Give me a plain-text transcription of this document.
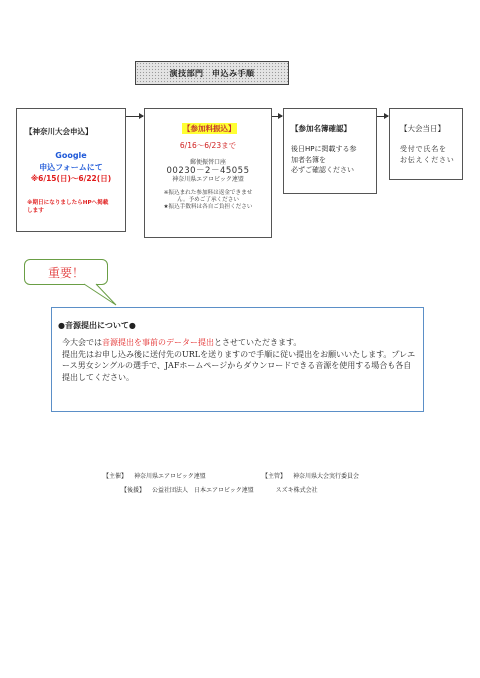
演技部門　申込み手順
【神奈川大会申込】
Google
申込フォームにて
※6/15(日)～6/22(日)
※期日になりましたらHPへ掲載
します
【参加料振込】
6/16～6/23まで
郵便振替口座
00230－2－45055
神奈川県エアロビック連盟
※振込まれた参加料は返金できませ
ん。予めご了承ください
★振込手数料は各自ご負担ください
【参加名簿確認】
後日HPに掲載する参
加者名簿を
必ずご確認ください
【大会当日】
受付で氏名を
お伝えください
重要！
●音源提出について●
今大会では音源提出を事前のデーター提出とさせていただきます。
提出先はお申し込み後に送付先のURLを送りますので手順に従い提出をお願いいたします。プレエース男女シングルの選手で、JAFホームページからダウンロードできる音源を使用する場合も各自提出してください。
【主催】 神奈川県エアロビック連盟	【主管】 神奈川県大会実行委員会
【後援】 公益社団法人　日本エアロビック連盟	スズキ株式会社
